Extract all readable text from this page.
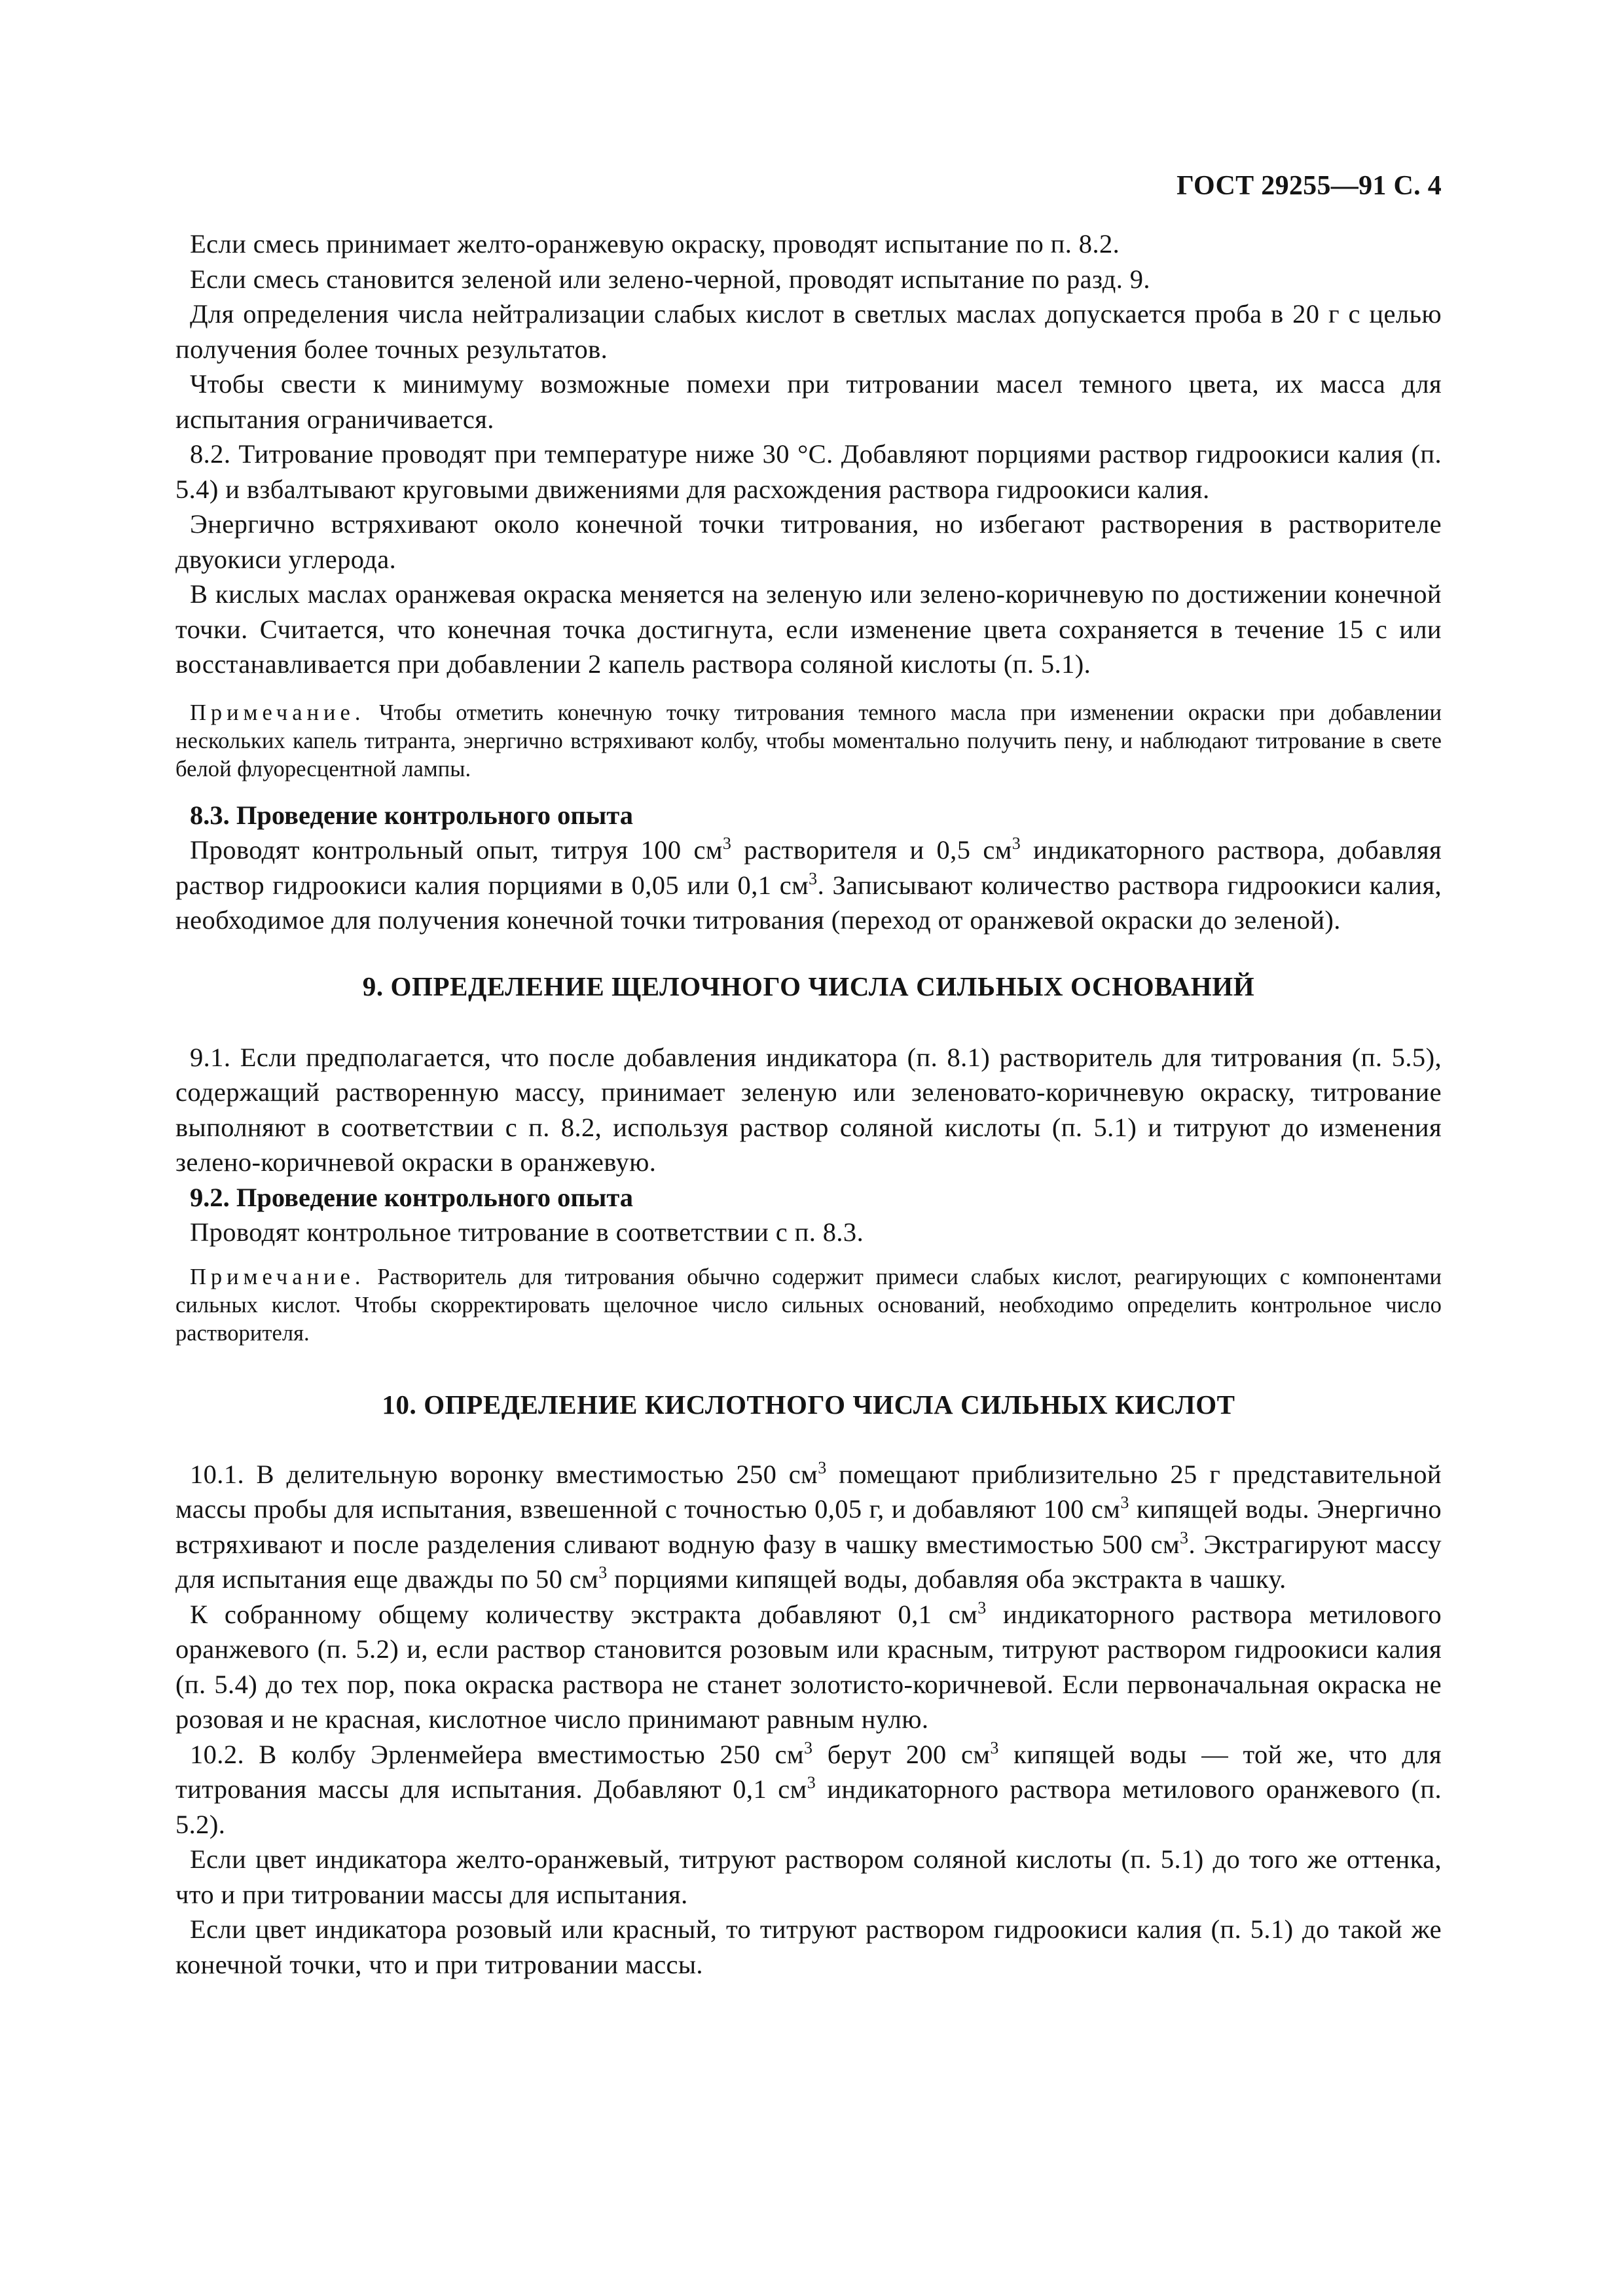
ГОСТ 29255—91 С. 4

Если смесь принимает желто-оранжевую окраску, проводят испытание по п. 8.2.

Если смесь становится зеленой или зелено-черной, проводят испытание по разд. 9.

Для определения числа нейтрализации слабых кислот в светлых маслах допускается проба в 20 г с целью получения более точных результатов.

Чтобы свести к минимуму возможные помехи при титровании масел темного цвета, их масса для испытания ограничивается.

8.2. Титрование проводят при температуре ниже 30 °С. Добавляют порциями раствор гидроокиси калия (п. 5.4) и взбалтывают круговыми движениями для расхождения раствора гидроокиси калия.

Энергично встряхивают около конечной точки титрования, но избегают растворения в растворителе двуокиси углерода.

В кислых маслах оранжевая окраска меняется на зеленую или зелено-коричневую по достижении конечной точки. Считается, что конечная точка достигнута, если изменение цвета сохраняется в течение 15 с или восстанавливается при добавлении 2 капель раствора соляной кислоты (п. 5.1).

Примечание. Чтобы отметить конечную точку титрования темного масла при изменении окраски при добавлении нескольких капель титранта, энергично встряхивают колбу, чтобы моментально получить пену, и наблюдают титрование в свете белой флуоресцентной лампы.

8.3. Проведение контрольного опыта

Проводят контрольный опыт, титруя 100 $см^3$ растворителя и 0,5 $см^3$ индикаторного раствора, добавляя раствор гидроокиси калия порциями в 0,05 или 0,1 $см^3$. Записывают количество раствора гидроокиси калия, необходимое для получения конечной точки титрования (переход от оранжевой окраски до зеленой).

9. ОПРЕДЕЛЕНИЕ ЩЕЛОЧНОГО ЧИСЛА СИЛЬНЫХ ОСНОВАНИЙ

9.1. Если предполагается, что после добавления индикатора (п. 8.1) растворитель для титрования (п. 5.5), содержащий растворенную массу, принимает зеленую или зеленовато-коричневую окраску, титрование выполняют в соответствии с п. 8.2, используя раствор соляной кислоты (п. 5.1) и титруют до изменения зелено-коричневой окраски в оранжевую.

9.2. Проведение контрольного опыта

Проводят контрольное титрование в соответствии с п. 8.3.

Примечание. Растворитель для титрования обычно содержит примеси слабых кислот, реагирующих с компонентами сильных кислот. Чтобы скорректировать щелочное число сильных оснований, необходимо определить контрольное число растворителя.

10. ОПРЕДЕЛЕНИЕ КИСЛОТНОГО ЧИСЛА СИЛЬНЫХ КИСЛОТ

10.1. В делительную воронку вместимостью 250 $см^3$ помещают приблизительно 25 г представительной массы пробы для испытания, взвешенной с точностью 0,05 г, и добавляют 100 $см^3$ кипящей воды. Энергично встряхивают и после разделения сливают водную фазу в чашку вместимостью 500 $см^3$. Экстрагируют массу для испытания еще дважды по 50 $см^3$ порциями кипящей воды, добавляя оба экстракта в чашку.

К собранному общему количеству экстракта добавляют 0,1 $см^3$ индикаторного раствора метилового оранжевого (п. 5.2) и, если раствор становится розовым или красным, титруют раствором гидроокиси калия (п. 5.4) до тех пор, пока окраска раствора не станет золотисто-коричневой. Если первоначальная окраска не розовая и не красная, кислотное число принимают равным нулю.

10.2. В колбу Эрленмейера вместимостью 250 $см^3$ берут 200 $см^3$ кипящей воды — той же, что для титрования массы для испытания. Добавляют 0,1 $см^3$ индикаторного раствора метилового оранжевого (п. 5.2).

Если цвет индикатора желто-оранжевый, титруют раствором соляной кислоты (п. 5.1) до того же оттенка, что и при титровании массы для испытания.

Если цвет индикатора розовый или красный, то титруют раствором гидроокиси калия (п. 5.1) до такой же конечной точки, что и при титровании массы.
